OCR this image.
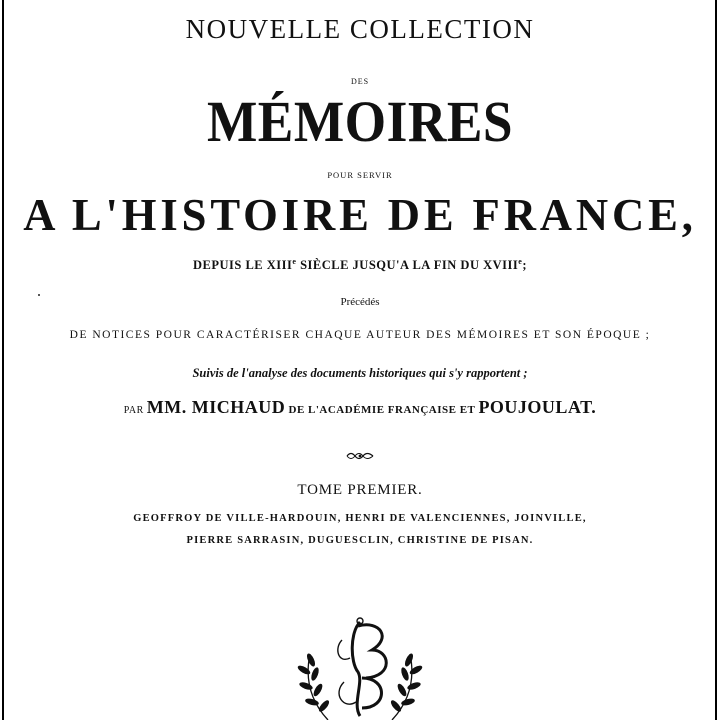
NOUVELLE COLLECTION
DES
MÉMOIRES
POUR SERVIR
A L'HISTOIRE DE FRANCE,
DEPUIS LE XIIIe SIÈCLE JUSQU'A LA FIN DU XVIIIe;
Précédés
DE NOTICES POUR CARACTÉRISER CHAQUE AUTEUR DES MÉMOIRES ET SON ÉPOQUE ;
Suivis de l'analyse des documents historiques qui s'y rapportent ;
PAR MM. MICHAUD DE L'ACADÉMIE FRANÇAISE ET POUJOULAT.
TOME PREMIER.
GEOFFROY DE VILLE-HARDOUIN, HENRI DE VALENCIENNES, JOINVILLE,
PIERRE SARRASIN, DUGUESCLIN, CHRISTINE DE PISAN.
